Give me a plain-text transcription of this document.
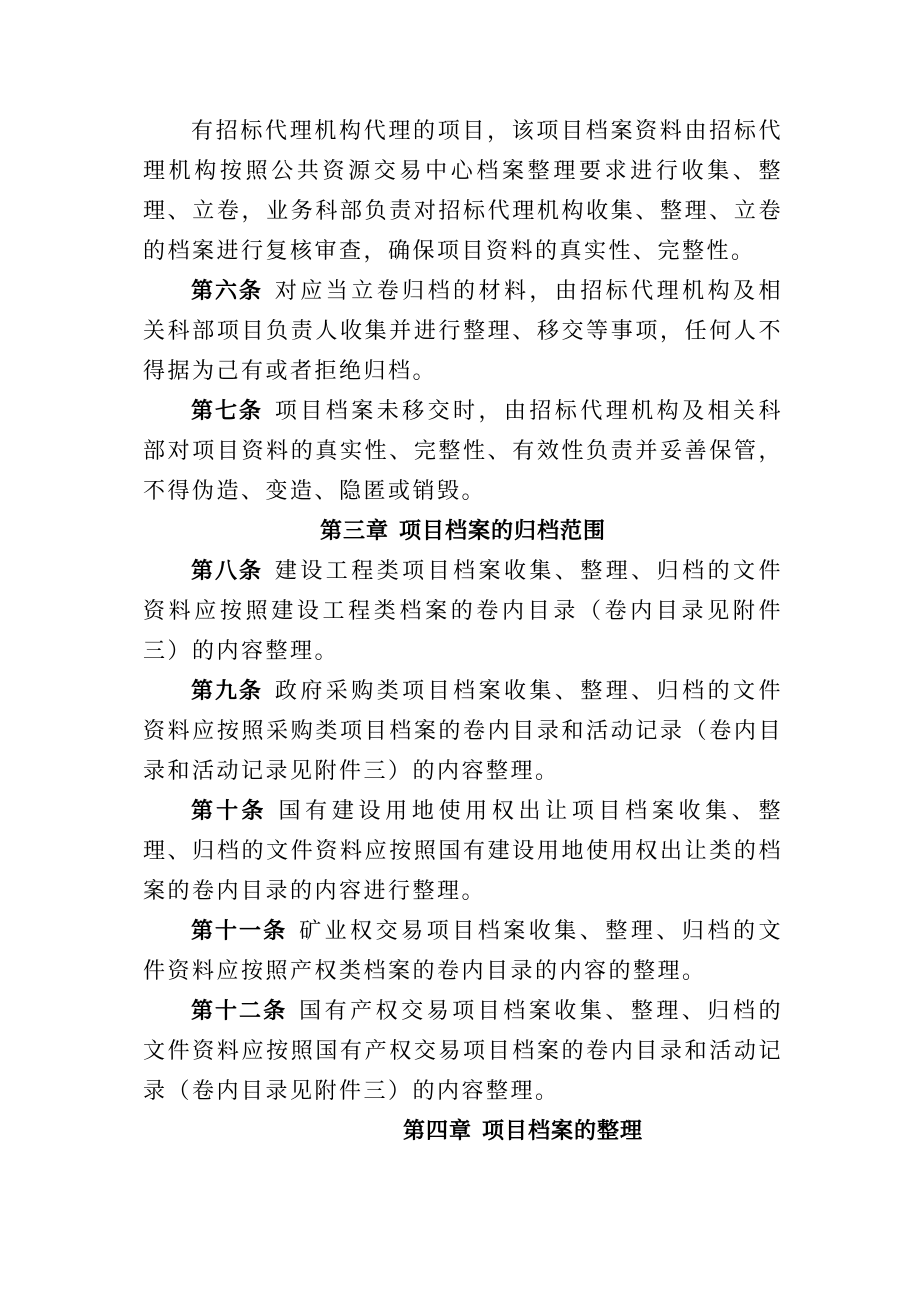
有招标代理机构代理的项目，该项目档案资料由招标代理机构按照公共资源交易中心档案整理要求进行收集、整理、立卷，业务科部负责对招标代理机构收集、整理、立卷的档案进行复核审查，确保项目资料的真实性、完整性。

第六条 对应当立卷归档的材料，由招标代理机构及相关科部项目负责人收集并进行整理、移交等事项，任何人不得据为己有或者拒绝归档。

第七条 项目档案未移交时，由招标代理机构及相关科部对项目资料的真实性、完整性、有效性负责并妥善保管，不得伪造、变造、隐匿或销毁。

第三章 项目档案的归档范围

第八条 建设工程类项目档案收集、整理、归档的文件资料应按照建设工程类档案的卷内目录（卷内目录见附件三）的内容整理。

第九条 政府采购类项目档案收集、整理、归档的文件资料应按照采购类项目档案的卷内目录和活动记录（卷内目录和活动记录见附件三）的内容整理。

第十条 国有建设用地使用权出让项目档案收集、整理、归档的文件资料应按照国有建设用地使用权出让类的档案的卷内目录的内容进行整理。

第十一条 矿业权交易项目档案收集、整理、归档的文件资料应按照产权类档案的卷内目录的内容的整理。

第十二条 国有产权交易项目档案收集、整理、归档的文件资料应按照国有产权交易项目档案的卷内目录和活动记录（卷内目录见附件三）的内容整理。

第四章 项目档案的整理
